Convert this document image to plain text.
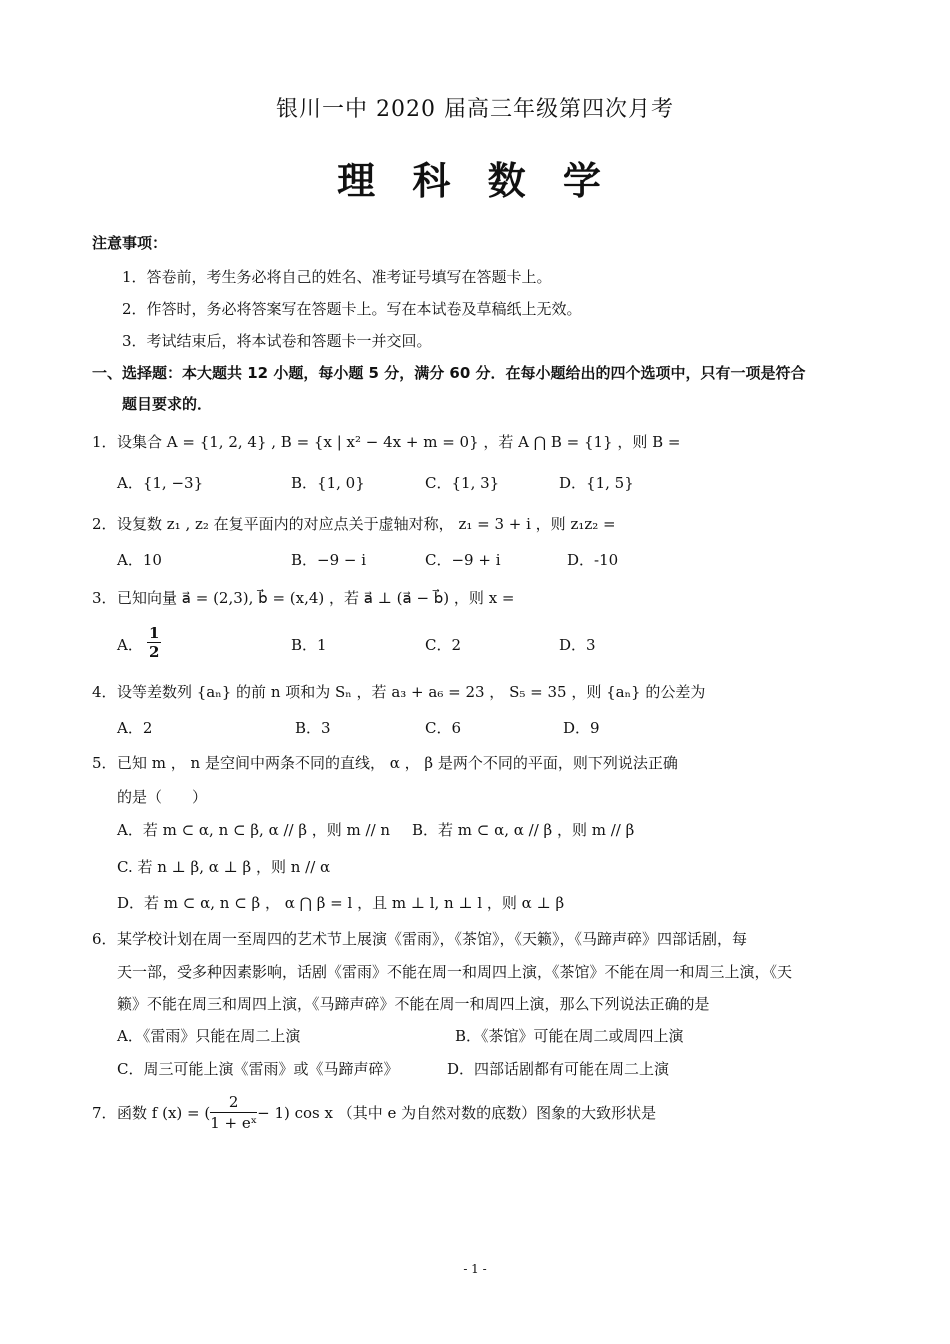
银川一中 2020 届高三年级第四次月考
理 科 数 学
注意事项：
1．答卷前，考生务必将自己的姓名、准考证号填写在答题卡上。
2．作答时，务必将答案写在答题卡上。写在本试卷及草稿纸上无效。
3．考试结束后，将本试卷和答题卡一并交回。
一、选择题：本大题共 12 小题，每小题 5 分，满分 60 分．在每小题给出的四个选项中，只有一项是符合
题目要求的．
1．设集合 A = {1, 2, 4} , B = {x | x² − 4x + m = 0} ，若 A ⋂ B = {1} ，则 B =
A．{1, −3}	B．{1, 0}	C．{1, 3}	D．{1, 5}
2．设复数 z₁ , z₂ 在复平面内的对应点关于虚轴对称， z₁ = 3 + i ，则 z₁z₂ =
A．10	B．−9 − i	C．−9 + i	D．-10
3．已知向量 a⃗ = (2,3), b⃗ = (x,4) ，若 a⃗ ⊥ (a⃗ − b⃗) ，则 x =
A． $\frac{1}{2}$	B．1	C．2	D．3
4．设等差数列 {aₙ} 的前 n 项和为 Sₙ ，若 a₃ + a₆ = 23 ， S₅ = 35 ，则 {aₙ} 的公差为
A．2	B．3	C．6	D．9
5．已知 m ， n 是空间中两条不同的直线， α ， β 是两个不同的平面，则下列说法正确
的是（　　）
A．若 m ⊂ α, n ⊂ β, α // β ，则 m // n B．若 m ⊂ α, α // β ，则 m // β
C. 若 n ⊥ β, α ⊥ β ，则 n // α
D．若 m ⊂ α, n ⊂ β ， α ⋂ β = l ，且 m ⊥ l, n ⊥ l ，则 α ⊥ β
6．某学校计划在周一至周四的艺术节上展演《雷雨》，《茶馆》，《天籁》，《马蹄声碎》四部话剧，每
天一部，受多种因素影响，话剧《雷雨》不能在周一和周四上演，《茶馆》不能在周一和周三上演，《天
籁》不能在周三和周四上演，《马蹄声碎》不能在周一和周四上演，那么下列说法正确的是
A．《雷雨》只能在周二上演	B．《茶馆》可能在周二或周四上演
C．周三可能上演《雷雨》或《马蹄声碎》	D．四部话剧都有可能在周二上演
7．函数 f (x) = ( $\frac{2}{\text{1 + eˣ}} - 1$) cos x （其中 e 为自然对数的底数）图象的大致形状是
- 1 -
